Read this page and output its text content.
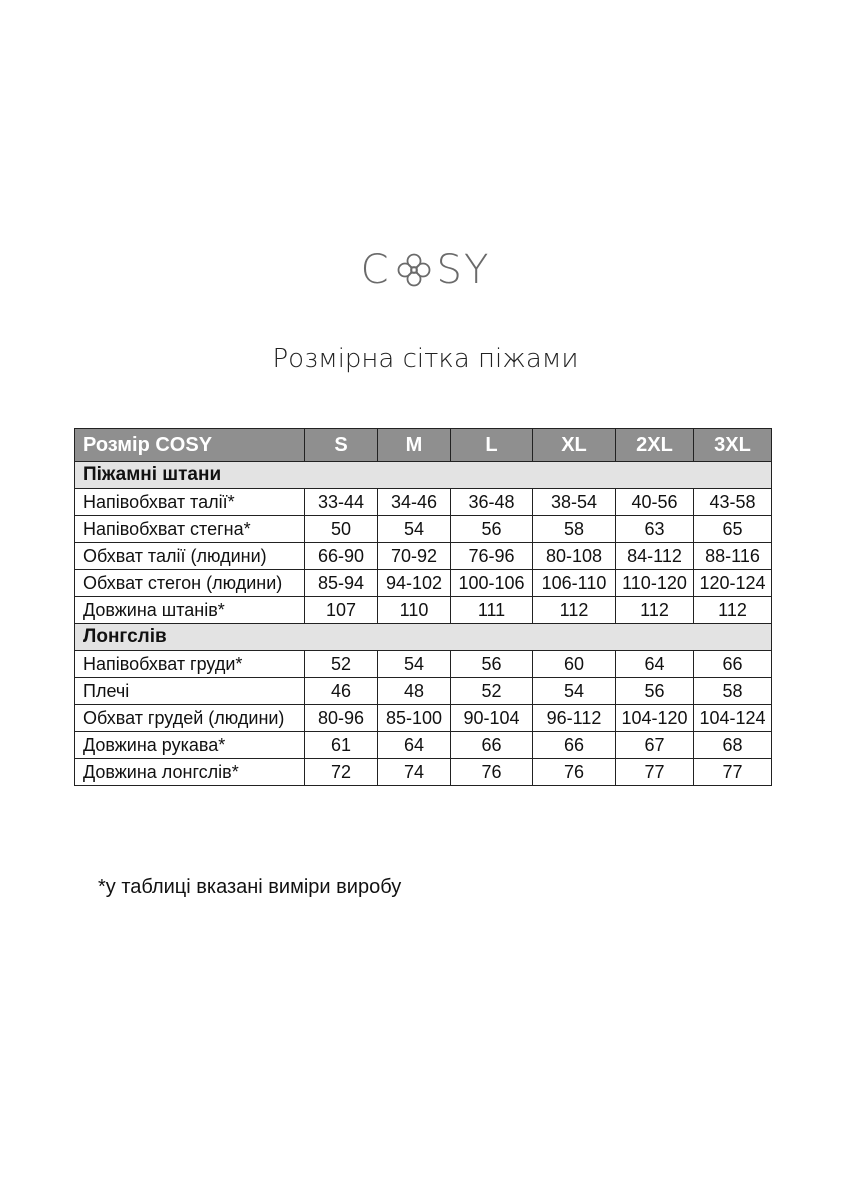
C SY
Розмірна сітка піжами
Розмір COSY	S	M	L	XL	2XL	3XL
Піжамні штани						
Напівобхват талії*	33-44	34-46	36-48	38-54	40-56	43-58
Напівобхват стегна*	50	54	56	58	63	65
Обхват талії (людини)	66-90	70-92	76-96	80-108	84-112	88-116
Обхват стегон (людини)	85-94	94-102	100-106	106-110	110-120	120-124
Довжина штанів*	107	110	111	112	112	112
Лонгслів						
Напівобхват груди*	52	54	56	60	64	66
Плечі	46	48	52	54	56	58
Обхват грудей (людини)	80-96	85-100	90-104	96-112	104-120	104-124
Довжина рукава*	61	64	66	66	67	68
Довжина лонгслів*	72	74	76	76	77	77
*у таблиці вказані виміри виробу
